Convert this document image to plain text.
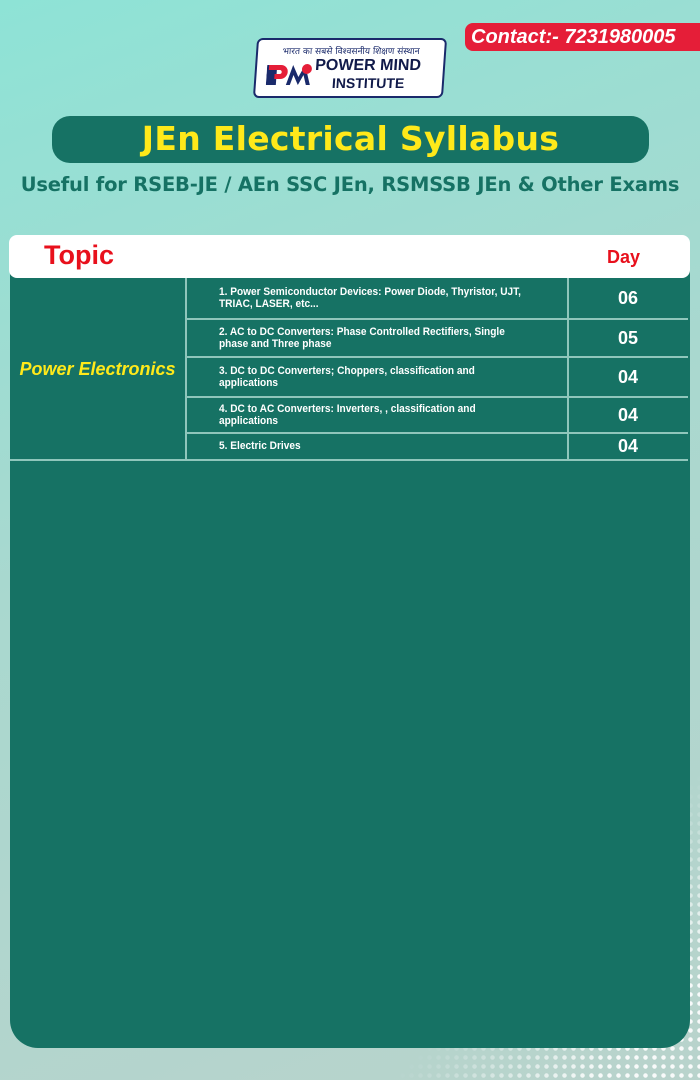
Contact:- 7231980005
भारत का सबसे विश्वसनीय शिक्षण संस्थान
POWER MIND
INSTITUTE
JEn Electrical Syllabus
Useful for RSEB-JE / AEn SSC JEn, RSMSSB JEn & Other Exams
Topic	Day
Power Electronics
1. Power Semiconductor Devices: Power Diode, Thyristor, UJT, TRIAC, LASER, etc...	06
2. AC to DC Converters: Phase Controlled Rectifiers, Single phase and Three phase	05
3. DC to DC Converters; Choppers, classification and applications	04
4. DC to AC Converters: Inverters, , classification and applications	04
5. Electric Drives	04
